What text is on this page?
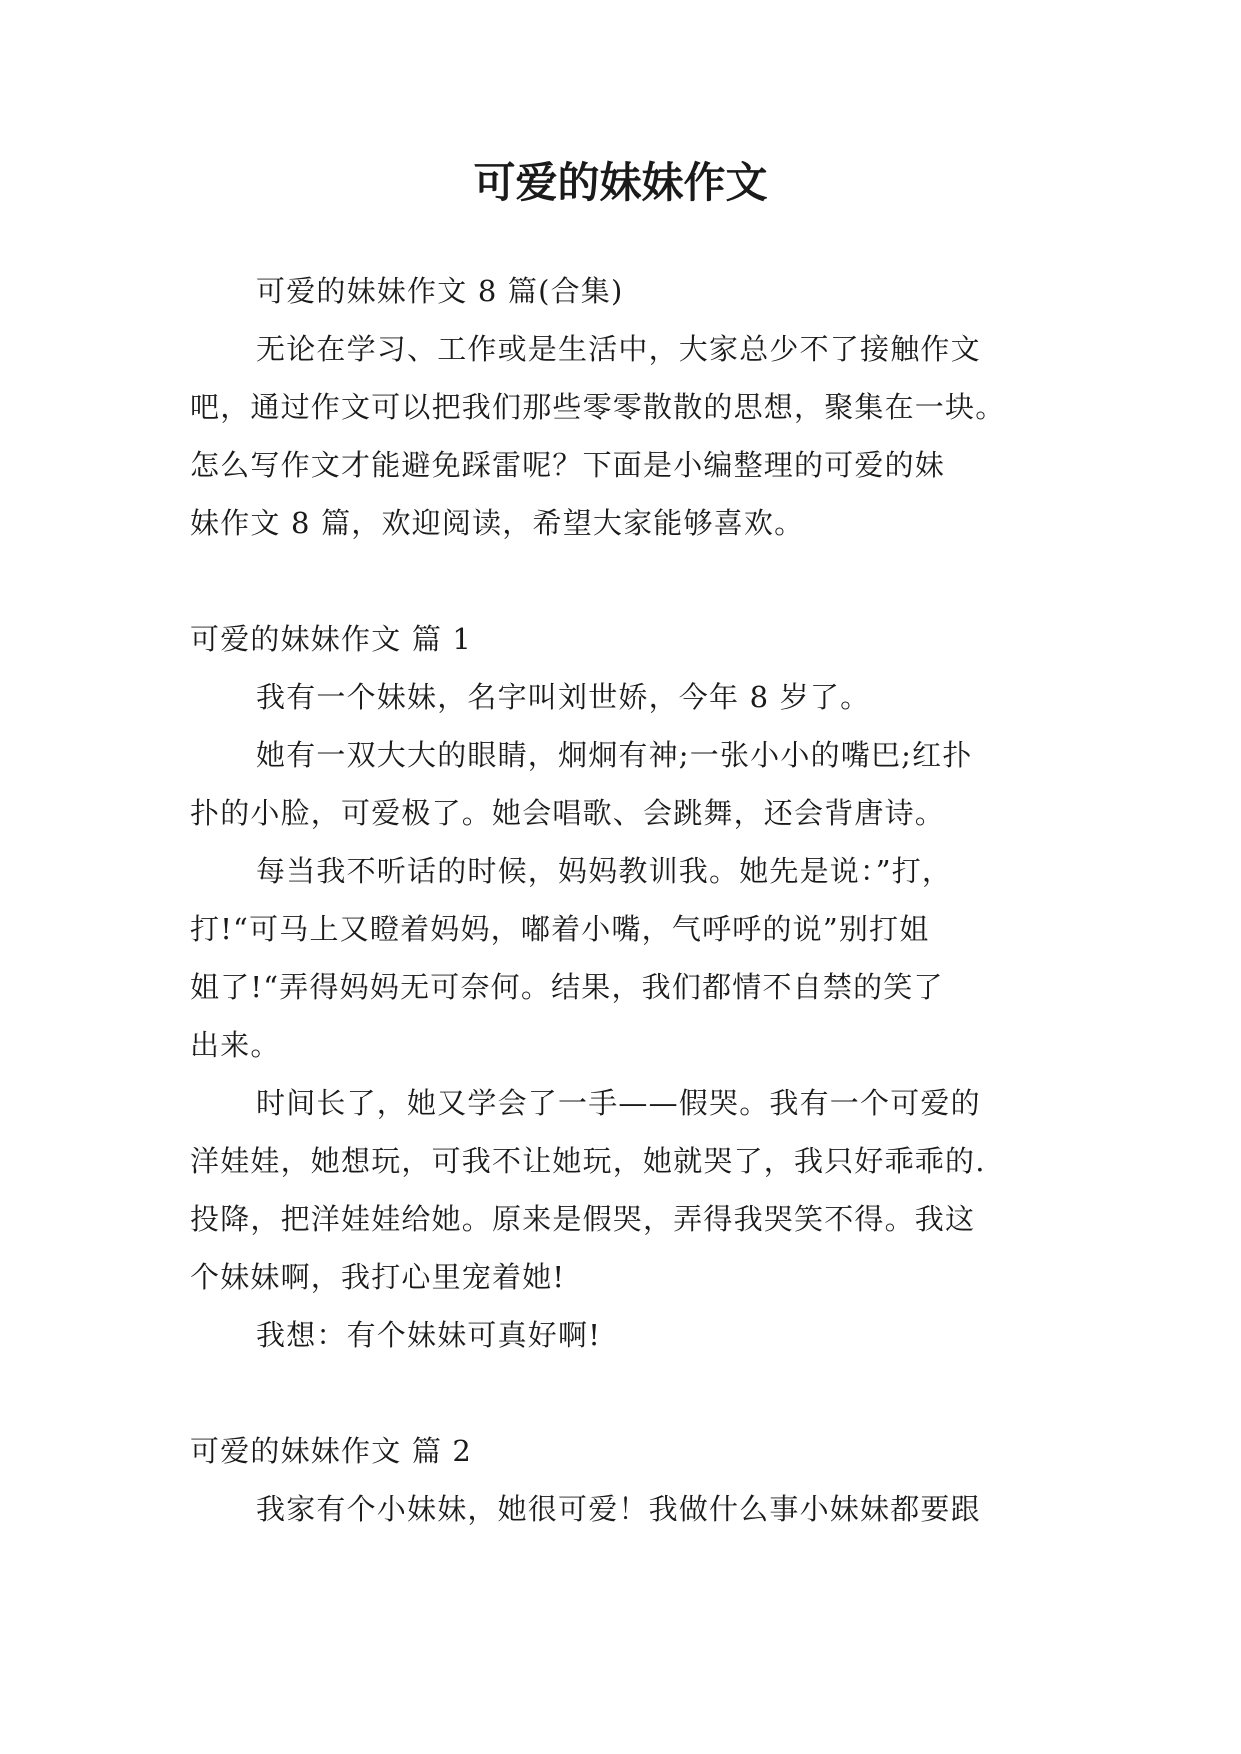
可爱的妹妹作文
可爱的妹妹作文 8 篇(合集)
无论在学习、工作或是生活中，大家总少不了接触作文
吧，通过作文可以把我们那些零零散散的思想，聚集在一块。
怎么写作文才能避免踩雷呢？下面是小编整理的可爱的妹
妹作文 8 篇，欢迎阅读，希望大家能够喜欢。
可爱的妹妹作文 篇 1
我有一个妹妹，名字叫刘世娇，今年 8 岁了。
她有一双大大的眼睛，炯炯有神;一张小小的嘴巴;红扑
扑的小脸，可爱极了。她会唱歌、会跳舞，还会背唐诗。
每当我不听话的时候，妈妈教训我。她先是说：”打，
打!“可马上又瞪着妈妈，嘟着小嘴，气呼呼的说”别打姐
姐了!“弄得妈妈无可奈何。结果，我们都情不自禁的笑了
出来。
时间长了，她又学会了一手——假哭。我有一个可爱的
洋娃娃，她想玩，可我不让她玩，她就哭了，我只好乖乖的.
投降，把洋娃娃给她。原来是假哭，弄得我哭笑不得。我这
个妹妹啊，我打心里宠着她!
我想：有个妹妹可真好啊!
可爱的妹妹作文 篇 2
我家有个小妹妹，她很可爱！我做什么事小妹妹都要跟
